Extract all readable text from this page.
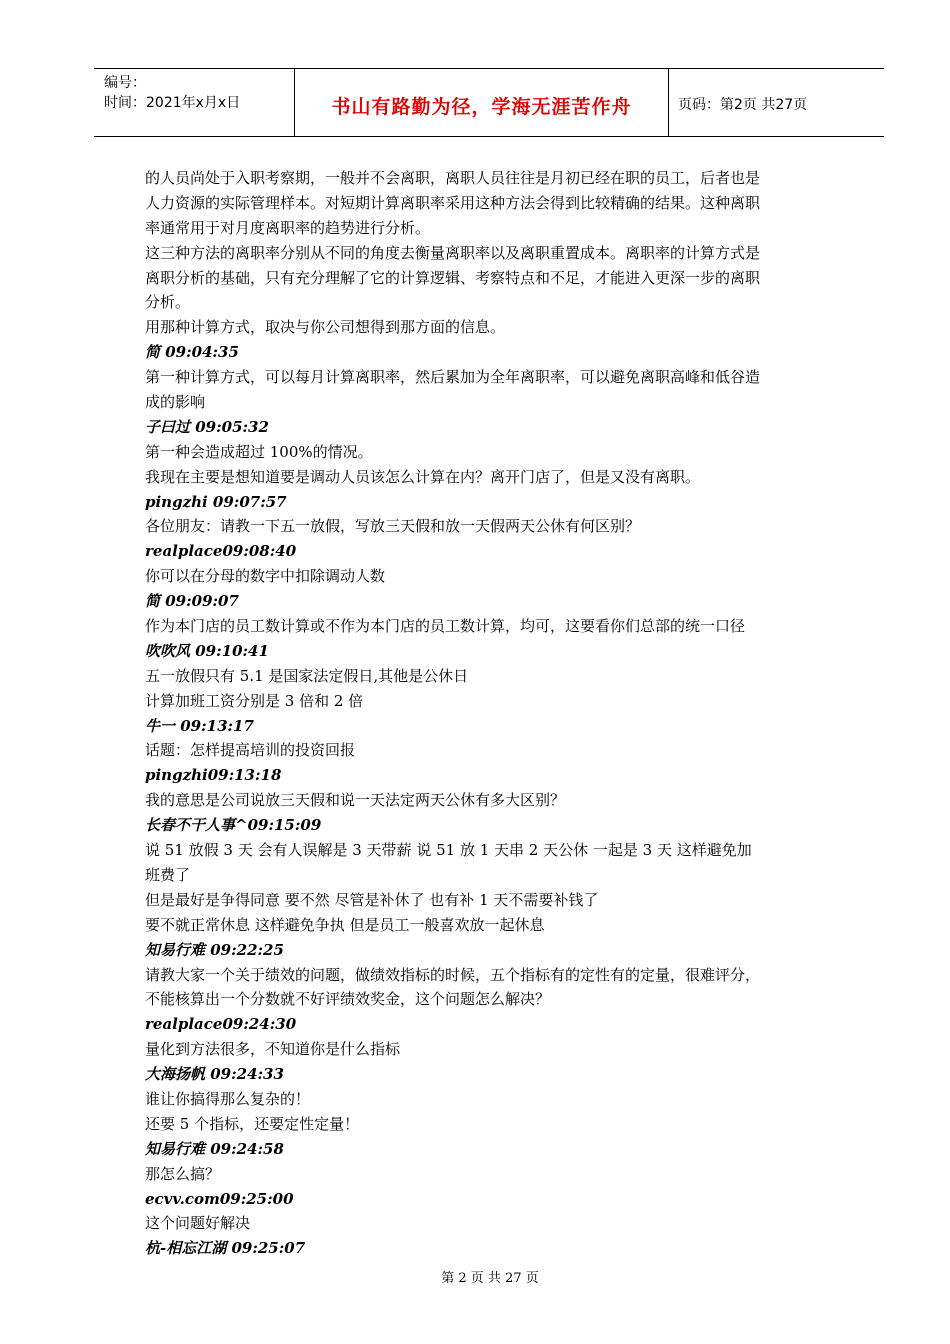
编号：
时间：2021年x月x日	书山有路勤为径，学海无涯苦作舟	页码：第2页 共27页
的人员尚处于入职考察期，一般并不会离职，离职人员往往是月初已经在职的员工，后者也是
人力资源的实际管理样本。对短期计算离职率采用这种方法会得到比较精确的结果。这种离职
率通常用于对月度离职率的趋势进行分析。
这三种方法的离职率分别从不同的角度去衡量离职率以及离职重置成本。离职率的计算方式是
离职分析的基础，只有充分理解了它的计算逻辑、考察特点和不足，才能进入更深一步的离职
分析。
用那种计算方式，取决与你公司想得到那方面的信息。
简 09:04:35
第一种计算方式，可以每月计算离职率，然后累加为全年离职率，可以避免离职高峰和低谷造
成的影响
子曰过 09:05:32
第一种会造成超过 100%的情况。
我现在主要是想知道要是调动人员该怎么计算在内？离开门店了，但是又没有离职。
pingzhi 09:07:57
各位朋友：请教一下五一放假，写放三天假和放一天假两天公休有何区别？
realplace09:08:40
你可以在分母的数字中扣除调动人数
简 09:09:07
作为本门店的员工数计算或不作为本门店的员工数计算，均可，这要看你们总部的统一口径
吹吹风 09:10:41
五一放假只有 5.1 是国家法定假日,其他是公休日
计算加班工资分别是 3 倍和 2 倍
牛一 09:13:17
话题：怎样提高培训的投资回报
pingzhi09:13:18
我的意思是公司说放三天假和说一天法定两天公休有多大区别？
长春不干人事^09:15:09
说 51 放假 3 天 会有人误解是 3 天带薪 说 51 放 1 天串 2 天公休 一起是 3 天 这样避免加
班费了
但是最好是争得同意 要不然 尽管是补休了 也有补 1 天不需要补钱了
要不就正常休息 这样避免争执 但是员工一般喜欢放一起休息
知易行难 09:22:25
请教大家一个关于绩效的问题，做绩效指标的时候，五个指标有的定性有的定量，很难评分，
不能核算出一个分数就不好评绩效奖金，这个问题怎么解决？
realplace09:24:30
量化到方法很多，不知道你是什么指标
大海扬帆 09:24:33
谁让你搞得那么复杂的！
还要 5 个指标，还要定性定量！
知易行难 09:24:58
那怎么搞？
ecvv.com09:25:00
这个问题好解决
杭-相忘江湖 09:25:07
第 2 页 共 27 页
